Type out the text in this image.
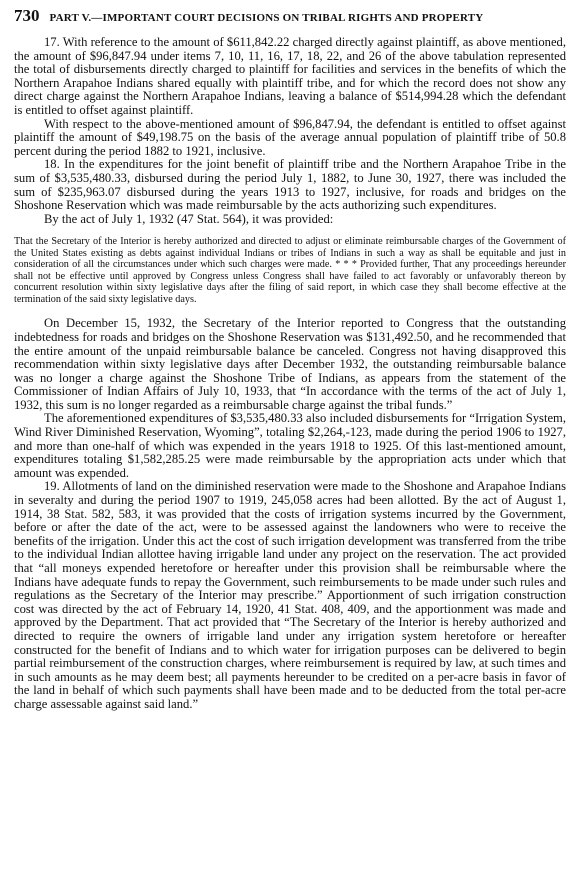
730 PART V.—IMPORTANT COURT DECISIONS ON TRIBAL RIGHTS AND PROPERTY

17. With reference to the amount of $611,842.22 charged directly against plaintiff, as above mentioned, the amount of $96,847.94 under items 7, 10, 11, 16, 17, 18, 22, and 26 of the above tabulation represented the total of disbursements directly charged to plaintiff for facilities and services in the benefits of which the Northern Arapahoe Indians shared equally with plaintiff tribe, and for which the record does not show any direct charge against the Northern Arapahoe Indians, leaving a balance of $514,994.28 which the defendant is entitled to offset against plaintiff.

With respect to the above-mentioned amount of $96,847.94, the defendant is entitled to offset against plaintiff the amount of $49,198.75 on the basis of the average annual population of plaintiff tribe of 50.8 percent during the period 1882 to 1921, inclusive.

18. In the expenditures for the joint benefit of plaintiff tribe and the Northern Arapahoe Tribe in the sum of $3,535,480.33, disbursed during the period July 1, 1882, to June 30, 1927, there was included the sum of $235,963.07 disbursed during the years 1913 to 1927, inclusive, for roads and bridges on the Shoshone Reservation which was made reimbursable by the acts authorizing such expenditures.

By the act of July 1, 1932 (47 Stat. 564), it was provided:

That the Secretary of the Interior is hereby authorized and directed to adjust or eliminate reimbursable charges of the Government of the United States existing as debts against individual Indians or tribes of Indians in such a way as shall be equitable and just in consideration of all the circumstances under which such charges were made. * * * Provided further, That any proceedings hereunder shall not be effective until approved by Congress unless Congress shall have failed to act favorably or unfavorably thereon by concurrent resolution within sixty legislative days after the filing of said report, in which case they shall become effective at the termination of the said sixty legislative days.

On December 15, 1932, the Secretary of the Interior reported to Congress that the outstanding indebtedness for roads and bridges on the Shoshone Reservation was $131,492.50, and he recommended that the entire amount of the unpaid reimbursable balance be canceled. Congress not having disapproved this recommendation within sixty legislative days after December 1932, the outstanding reimbursable balance was no longer a charge against the Shoshone Tribe of Indians, as appears from the statement of the Commissioner of Indian Affairs of July 10, 1933, that “In accordance with the terms of the act of July 1, 1932, this sum is no longer regarded as a reimbursable charge against the tribal funds.”

The aforementioned expenditures of $3,535,480.33 also included disbursements for “Irrigation System, Wind River Diminished Reservation, Wyoming”, totaling $2,264,-123, made during the period 1906 to 1927, and more than one-half of which was expended in the years 1918 to 1925. Of this last-mentioned amount, expenditures totaling $1,582,285.25 were made reimbursable by the appropriation acts under which that amount was expended.

19. Allotments of land on the diminished reservation were made to the Shoshone and Arapahoe Indians in severalty and during the period 1907 to 1919, 245,058 acres had been allotted. By the act of August 1, 1914, 38 Stat. 582, 583, it was provided that the costs of irrigation systems incurred by the Government, before or after the date of the act, were to be assessed against the landowners who were to receive the benefits of the irrigation. Under this act the cost of such irrigation development was transferred from the tribe to the individual Indian allottee having irrigable land under any project on the reservation. The act provided that “all moneys expended heretofore or hereafter under this provision shall be reimbursable where the Indians have adequate funds to repay the Government, such reimbursements to be made under such rules and regulations as the Secretary of the Interior may prescribe.” Apportionment of such irrigation construction cost was directed by the act of February 14, 1920, 41 Stat. 408, 409, and the apportionment was made and approved by the Department. That act provided that “The Secretary of the Interior is hereby authorized and directed to require the owners of irrigable land under any irrigation system heretofore or hereafter constructed for the benefit of Indians and to which water for irrigation purposes can be delivered to begin partial reimbursement of the construction charges, where reimbursement is required by law, at such times and in such amounts as he may deem best; all payments hereunder to be credited on a per-acre basis in favor of the land in behalf of which such payments shall have been made and to be deducted from the total per-acre charge assessable against said land.”
